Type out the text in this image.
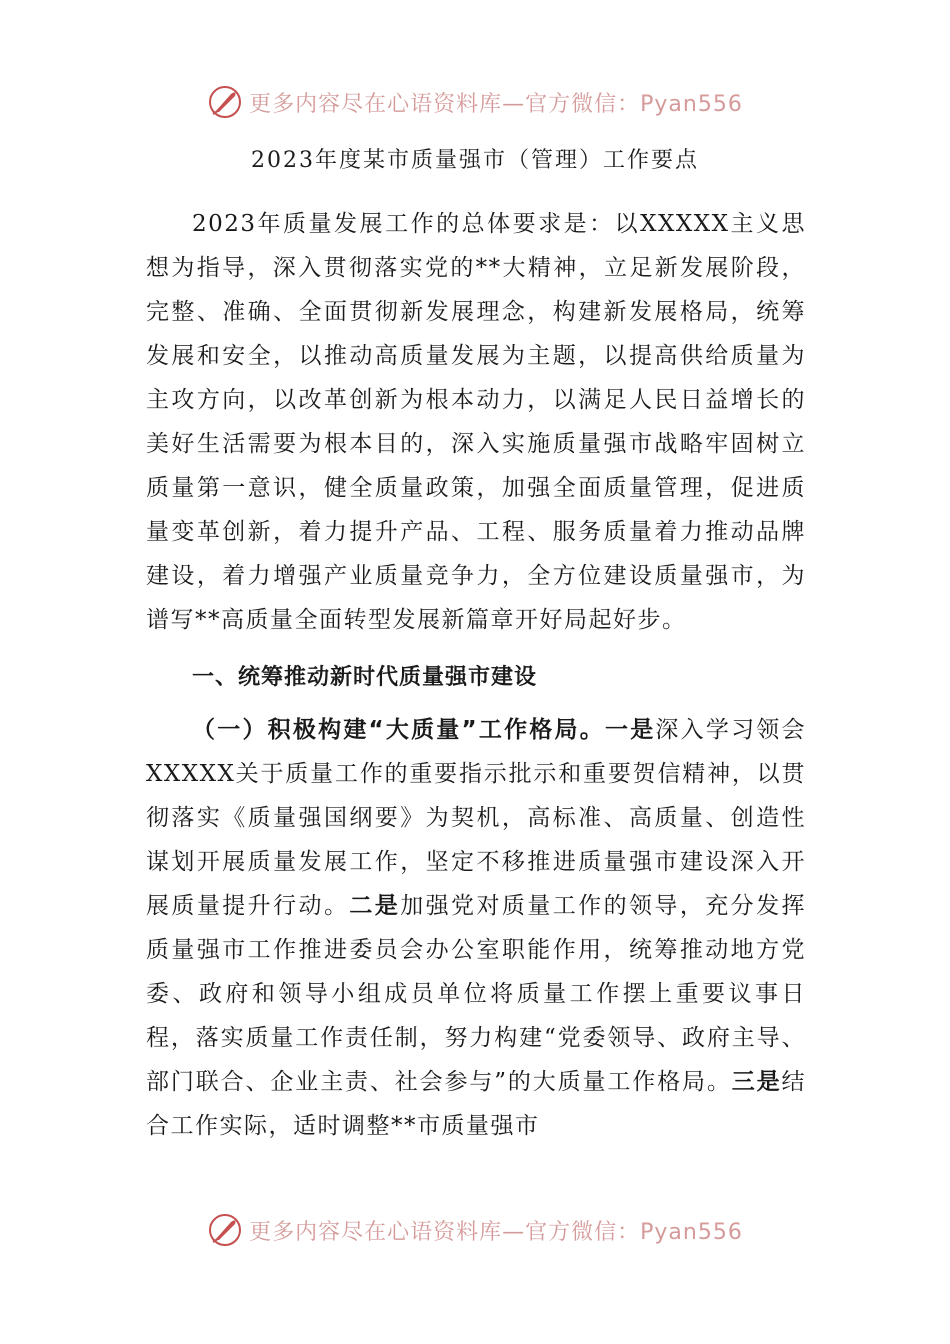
更多内容尽在心语资料库—官方微信：Pyan556
2023年度某市质量强市（管理）工作要点

2023年质量发展工作的总体要求是：以XXXXX主义思想为指导，深入贯彻落实党的**大精神，立足新发展阶段，完整、准确、全面贯彻新发展理念，构建新发展格局，统筹发展和安全，以推动高质量发展为主题，以提高供给质量为主攻方向，以改革创新为根本动力，以满足人民日益增长的美好生活需要为根本目的，深入实施质量强市战略牢固树立质量第一意识，健全质量政策，加强全面质量管理，促进质量变革创新，着力提升产品、工程、服务质量着力推动品牌建设，着力增强产业质量竞争力，全方位建设质量强市，为谱写**高质量全面转型发展新篇章开好局起好步。

一、统筹推动新时代质量强市建设

（一）积极构建“大质量”工作格局。一是深入学习领会XXXXX关于质量工作的重要指示批示和重要贺信精神，以贯彻落实《质量强国纲要》为契机，高标准、高质量、创造性谋划开展质量发展工作，坚定不移推进质量强市建设深入开展质量提升行动。二是加强党对质量工作的领导，充分发挥质量强市工作推进委员会办公室职能作用，统筹推动地方党委、政府和领导小组成员单位将质量工作摆上重要议事日程，落实质量工作责任制，努力构建“党委领导、政府主导、部门联合、企业主责、社会参与”的大质量工作格局。三是结合工作实际，适时调整**市质量强市

更多内容尽在心语资料库—官方微信：Pyan556
